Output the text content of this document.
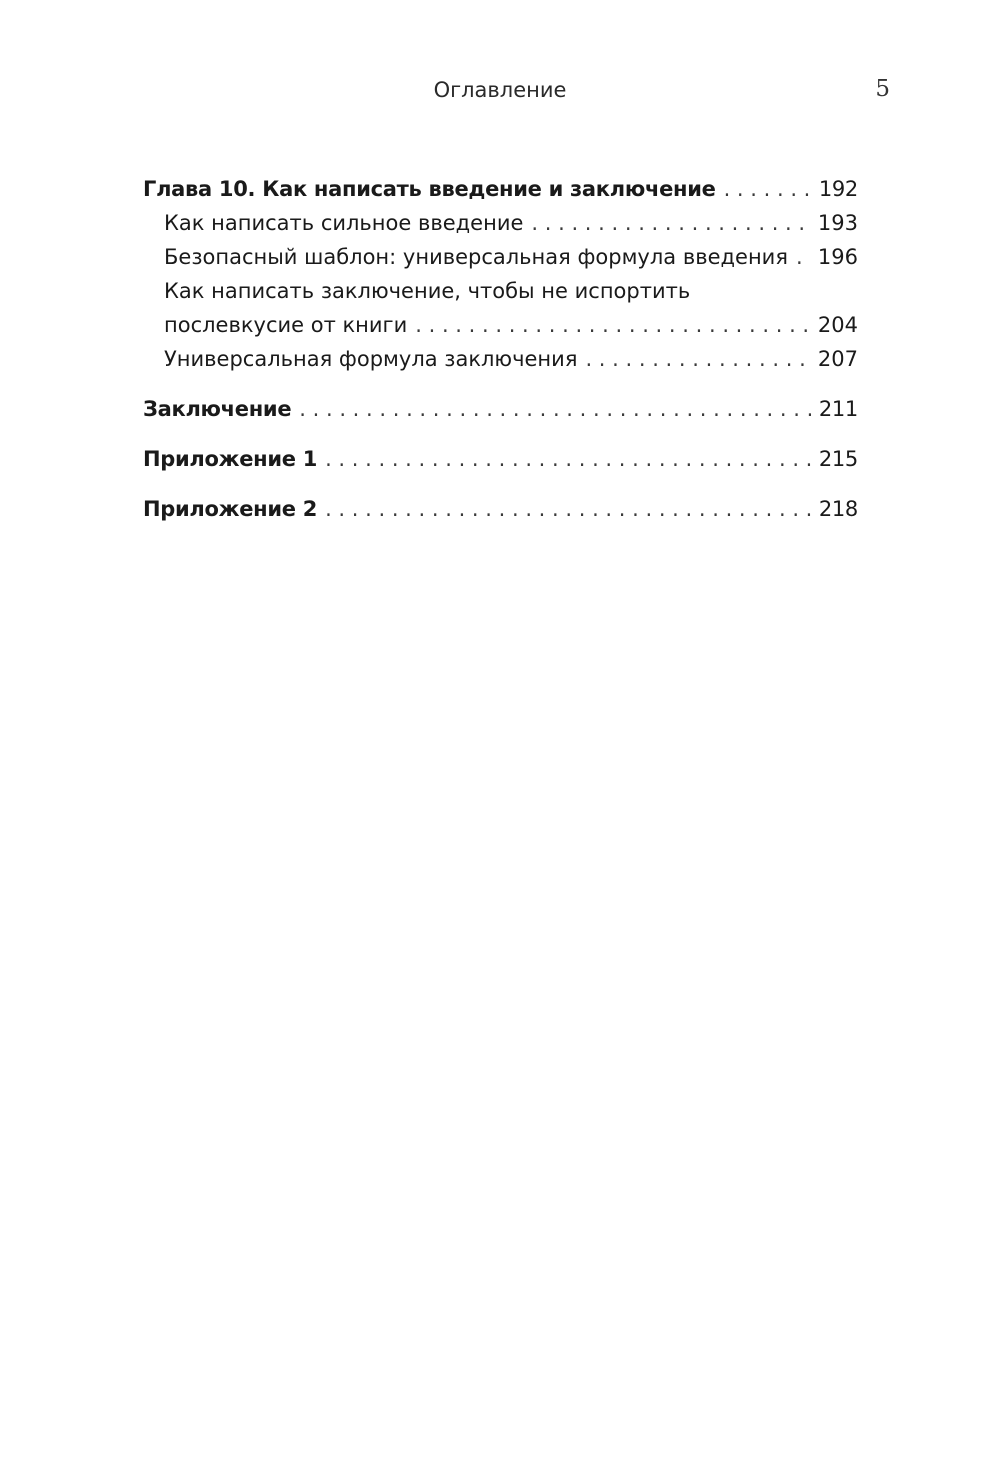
Оглавление	5
Глава 10. Как написать введение и заключение . . .	192
Как написать сильное введение . . .	193
Безопасный шаблон: универсальная формула введения . . . 196
Как написать заключение, чтобы не испортить
послевкусие от книги . . .	204
Универсальная формула заключения . . .	207
Заключение . . .	211
Приложение 1 . . .	215
Приложение 2 . . .	218
